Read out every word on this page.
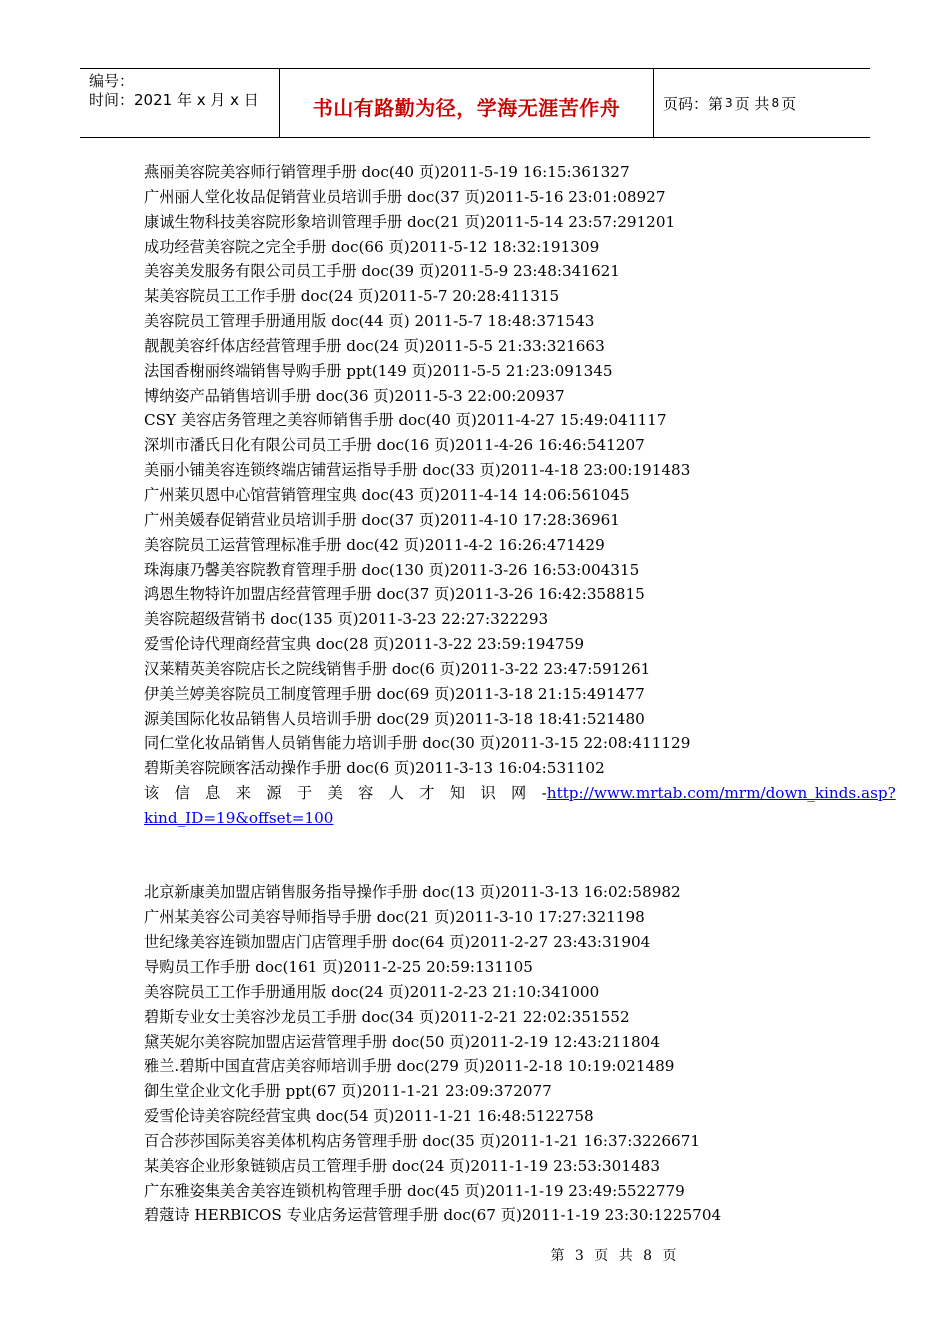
编号：
时间：2021 年 x 月 x 日	书山有路勤为径，学海无涯苦作舟	页码：第 3 页 共 8 页
燕丽美容院美容师行销管理手册 doc(40 页)2011-5-19 16:15:361327
广州丽人堂化妆品促销营业员培训手册 doc(37 页)2011-5-16 23:01:08927
康诚生物科技美容院形象培训管理手册 doc(21 页)2011-5-14 23:57:291201
成功经营美容院之完全手册 doc(66 页)2011-5-12 18:32:191309
美容美发服务有限公司员工手册 doc(39 页)2011-5-9 23:48:341621
某美容院员工工作手册 doc(24 页)2011-5-7 20:28:411315
美容院员工管理手册通用版 doc(44 页) 2011-5-7 18:48:371543
靓靓美容纤体店经营管理手册 doc(24 页)2011-5-5 21:33:321663
法国香榭丽终端销售导购手册 ppt(149 页)2011-5-5 21:23:091345
博纳姿产品销售培训手册 doc(36 页)2011-5-3 22:00:20937
CSY 美容店务管理之美容师销售手册 doc(40 页)2011-4-27 15:49:041117
深圳市潘氏日化有限公司员工手册 doc(16 页)2011-4-26 16:46:541207
美丽小铺美容连锁终端店铺营运指导手册 doc(33 页)2011-4-18 23:00:191483
广州莱贝恩中心馆营销管理宝典 doc(43 页)2011-4-14 14:06:561045
广州美媛春促销营业员培训手册 doc(37 页)2011-4-10 17:28:36961
美容院员工运营管理标准手册 doc(42 页)2011-4-2 16:26:471429
珠海康乃馨美容院教育管理手册 doc(130 页)2011-3-26 16:53:004315
鸿恩生物特许加盟店经营管理手册 doc(37 页)2011-3-26 16:42:358815
美容院超级营销书 doc(135 页)2011-3-23 22:27:322293
爱雪伦诗代理商经营宝典 doc(28 页)2011-3-22 23:59:194759
汉莱精英美容院店长之院线销售手册 doc(6 页)2011-3-22 23:47:591261
伊美兰婷美容院员工制度管理手册 doc(69 页)2011-3-18 21:15:491477
源美国际化妆品销售人员培训手册 doc(29 页)2011-3-18 18:41:521480
同仁堂化妆品销售人员销售能力培训手册 doc(30 页)2011-3-15 22:08:411129
碧斯美容院顾客活动操作手册 doc(6 页)2011-3-13 16:04:531102
该信息来源于美容人才知识网 - http://www.mrtab.com/mrm/down_kinds.asp?
kind_ID=19&offset=100
北京新康美加盟店销售服务指导操作手册 doc(13 页)2011-3-13 16:02:58982
广州某美容公司美容导师指导手册 doc(21 页)2011-3-10 17:27:321198
世纪缘美容连锁加盟店门店管理手册 doc(64 页)2011-2-27 23:43:31904
导购员工作手册 doc(161 页)2011-2-25 20:59:131105
美容院员工工作手册通用版 doc(24 页)2011-2-23 21:10:341000
碧斯专业女士美容沙龙员工手册 doc(34 页)2011-2-21 22:02:351552
黛芙妮尔美容院加盟店运营管理手册 doc(50 页)2011-2-19 12:43:211804
雅兰.碧斯中国直营店美容师培训手册 doc(279 页)2011-2-18 10:19:021489
御生堂企业文化手册 ppt(67 页)2011-1-21 23:09:372077
爱雪伦诗美容院经营宝典 doc(54 页)2011-1-21 16:48:5122758
百合莎莎国际美容美体机构店务管理手册 doc(35 页)2011-1-21 16:37:3226671
某美容企业形象链锁店员工管理手册 doc(24 页)2011-1-19 23:53:301483
广东雅姿集美舍美容连锁机构管理手册 doc(45 页)2011-1-19 23:49:5522779
碧蔻诗 HERBICOS 专业店务运营管理手册 doc(67 页)2011-1-19 23:30:1225704
第 3 页 共 8 页
